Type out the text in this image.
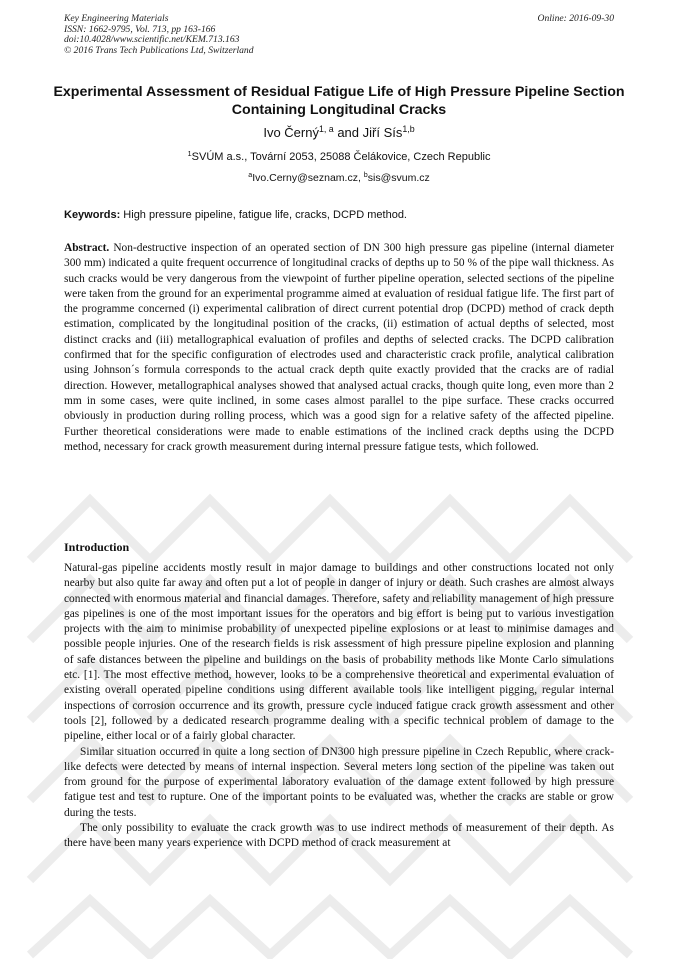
Key Engineering Materials
ISSN: 1662-9795, Vol. 713, pp 163-166
doi:10.4028/www.scientific.net/KEM.713.163
© 2016 Trans Tech Publications Ltd, Switzerland
Online: 2016-09-30
Experimental Assessment of Residual Fatigue Life of High Pressure Pipeline Section Containing Longitudinal Cracks
Ivo Černý$^{1, a}$ and Jiří Sís$^{1,b}$
$^1$SVÚM a.s., Tovární 2053, 25088 Čelákovice, Czech Republic
$^a$Ivo.Cerny@seznam.cz, $^b$sis@svum.cz
Keywords: High pressure pipeline, fatigue life, cracks, DCPD method.
Abstract. Non-destructive inspection of an operated section of DN 300 high pressure gas pipeline (internal diameter 300 mm) indicated a quite frequent occurrence of longitudinal cracks of depths up to 50 % of the pipe wall thickness. As such cracks would be very dangerous from the viewpoint of further pipeline operation, selected sections of the pipeline were taken from the ground for an experimental programme aimed at evaluation of residual fatigue life. The first part of the programme concerned (i) experimental calibration of direct current potential drop (DCPD) method of crack depth estimation, complicated by the longitudinal position of the cracks, (ii) estimation of actual depths of selected, most distinct cracks and (iii) metallographical evaluation of profiles and depths of selected cracks. The DCPD calibration confirmed that for the specific configuration of electrodes used and characteristic crack profile, analytical calibration using Johnson´s formula corresponds to the actual crack depth quite exactly provided that the cracks are of radial direction. However, metallographical analyses showed that analysed actual cracks, though quite long, even more than 2 mm in some cases, were quite inclined, in some cases almost parallel to the pipe surface. These cracks occurred obviously in production during rolling process, which was a good sign for a relative safety of the affected pipeline. Further theoretical considerations were made to enable estimations of the inclined crack depths using the DCPD method, necessary for crack growth measurement during internal pressure fatigue tests, which followed.
Introduction

Natural-gas pipeline accidents mostly result in major damage to buildings and other constructions located not only nearby but also quite far away and often put a lot of people in danger of injury or death. Such crashes are almost always connected with enormous material and financial damages. Therefore, safety and reliability management of high pressure gas pipelines is one of the most important issues for the operators and big effort is being put to various investigation projects with the aim to minimise probability of unexpected pipeline explosions or at least to minimise damages and possible people injuries. One of the research fields is risk assessment of high pressure pipeline explosion and planning of safe distances between the pipeline and buildings on the basis of probability methods like Monte Carlo simulations etc. [1]. The most effective method, however, looks to be a comprehensive theoretical and experimental evaluation of existing overall operated pipeline conditions using different available tools like intelligent pigging, regular internal inspections of corrosion occurrence and its growth, pressure cycle induced fatigue crack growth assessment and other tools [2], followed by a dedicated research programme dealing with a specific technical problem of damage to the pipeline, either local or of a fairly global character.

Similar situation occurred in quite a long section of DN300 high pressure pipeline in Czech Republic, where crack-like defects were detected by means of internal inspection. Several meters long section of the pipeline was taken out from ground for the purpose of experimental laboratory evaluation of the damage extent followed by high pressure fatigue test and test to rupture. One of the important points to be evaluated was, whether the cracks are stable or grow during the tests.

The only possibility to evaluate the crack growth was to use indirect methods of measurement of their depth. As there have been many years experience with DCPD method of crack measurement at
